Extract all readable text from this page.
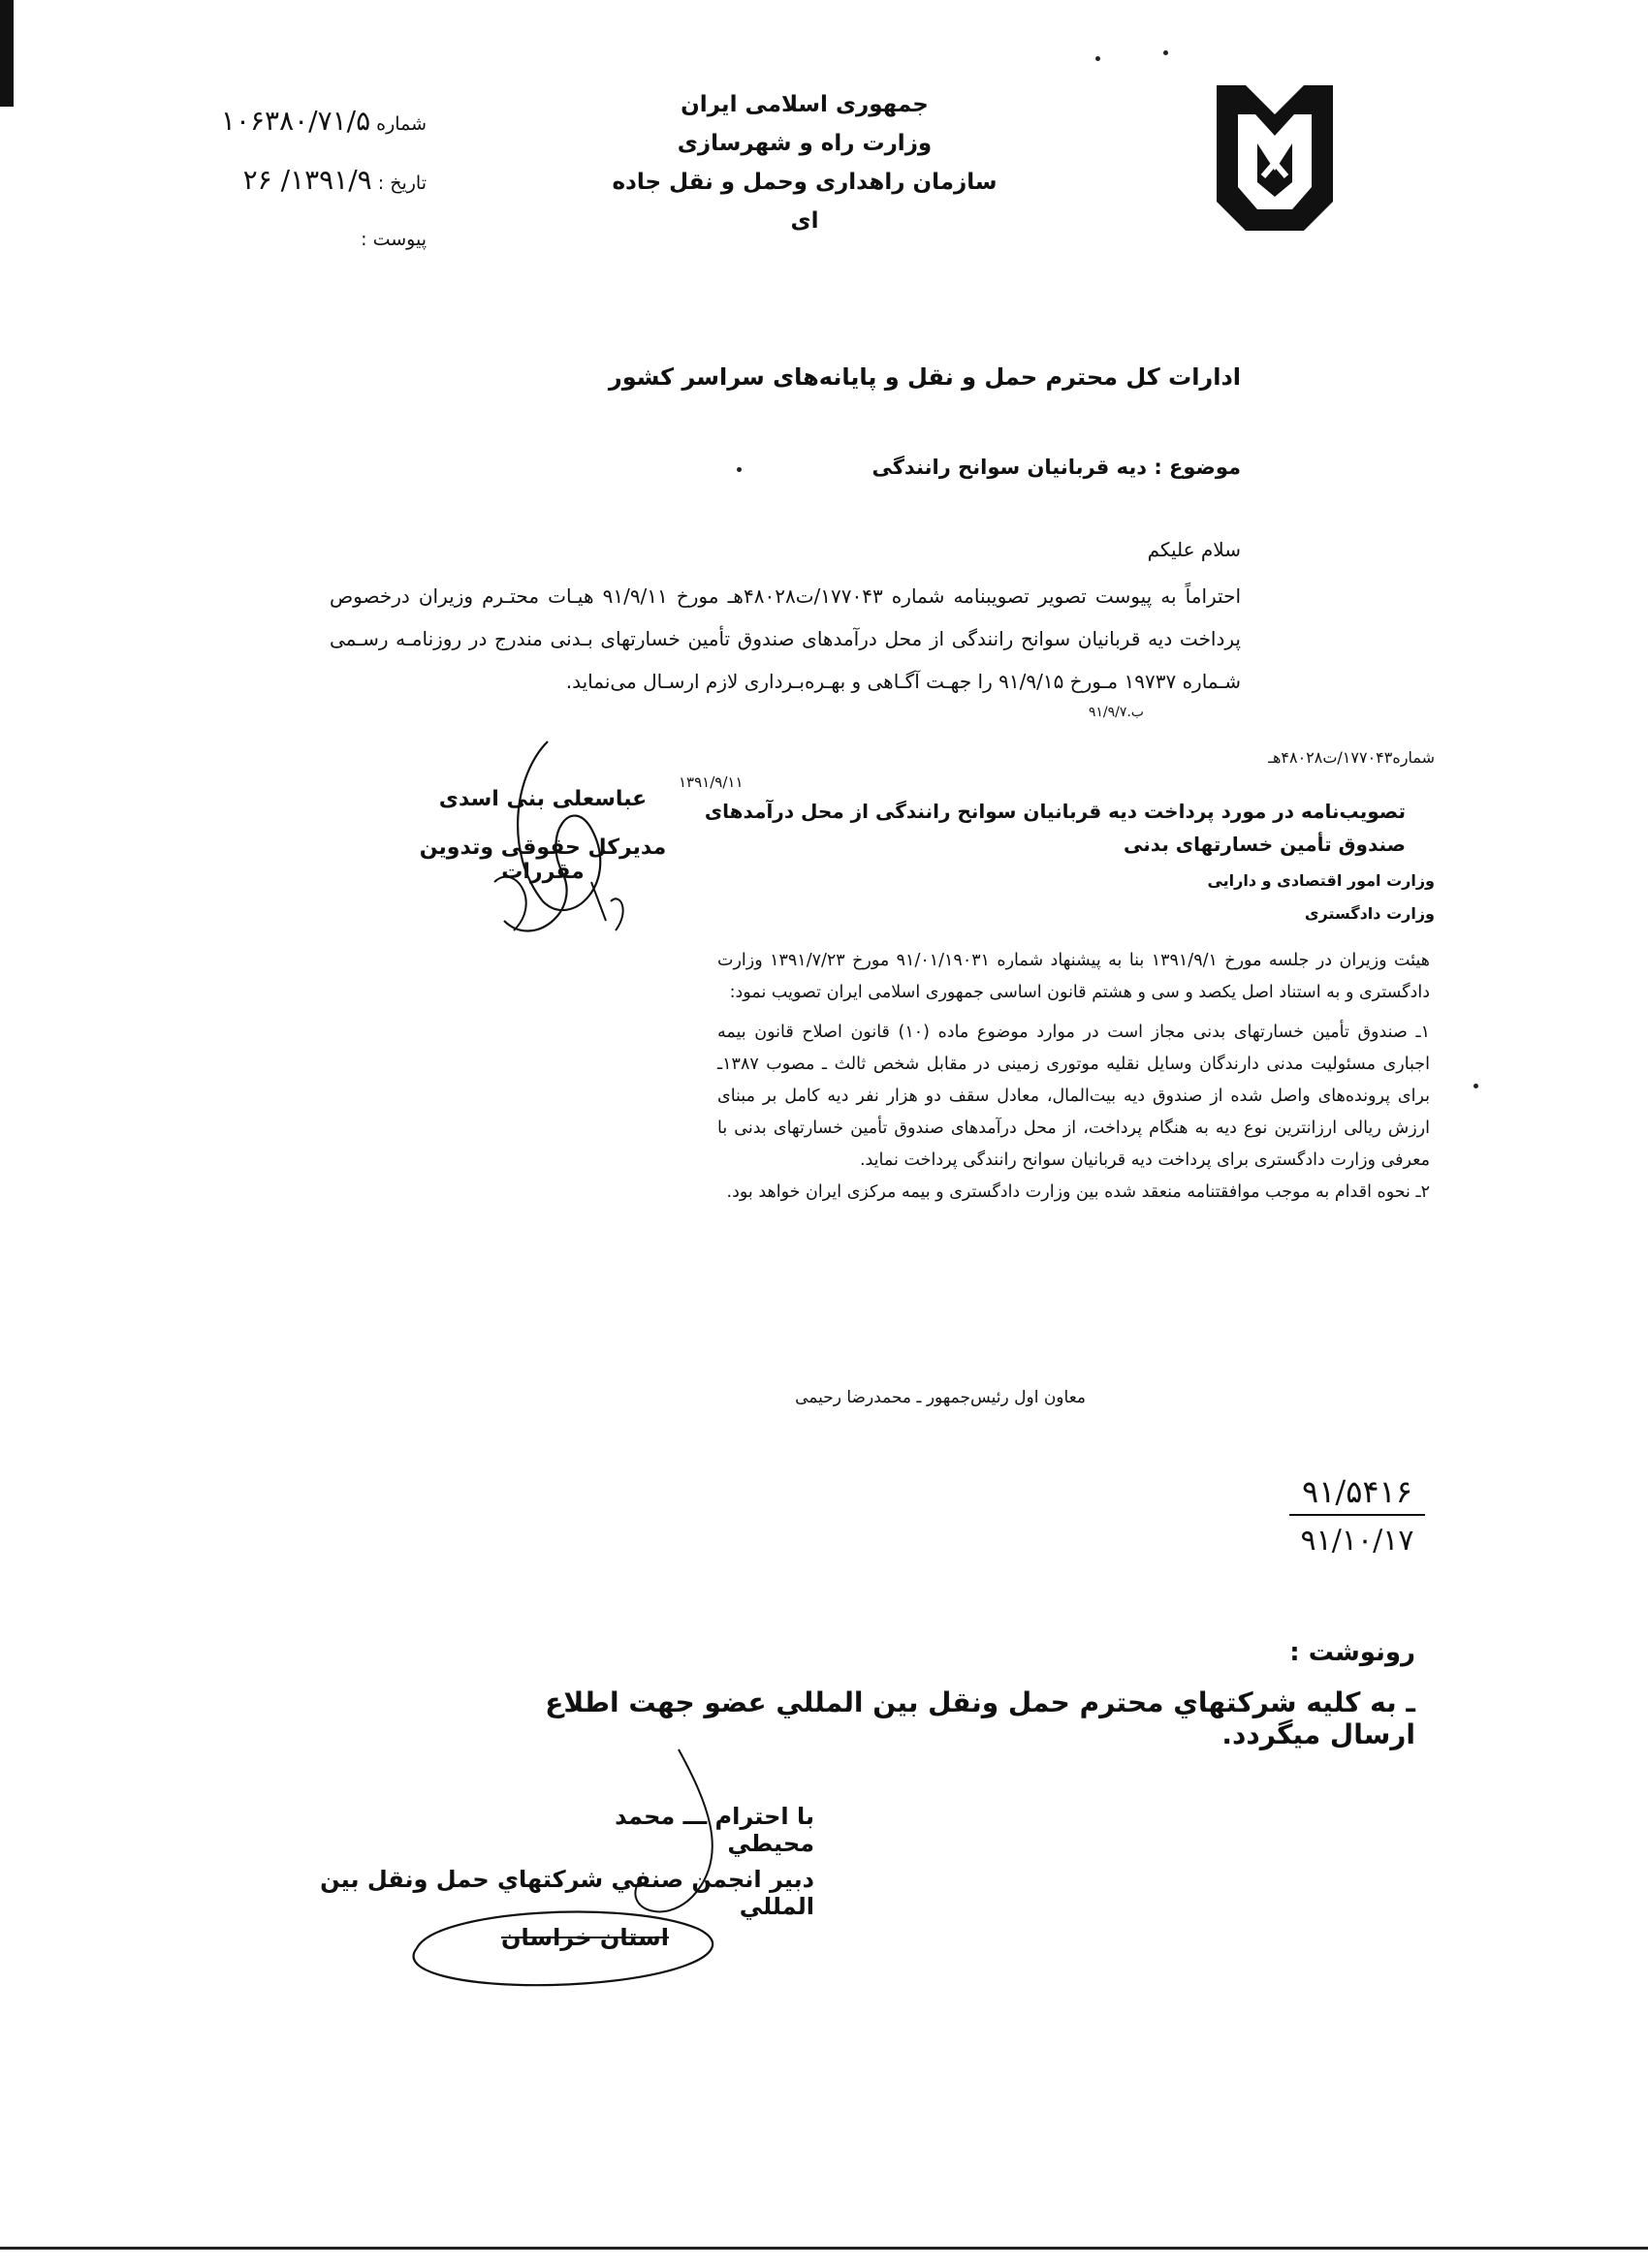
جمهوری اسلامی ایران
وزارت راه و شهرسازی
سازمان راهداری وحمل و نقل جاده ای
شماره ۱۰۶۳۸۰/۷۱/۵
تاریخ : ۱۳۹۱/۹/ ۲۶
پیوست :
ادارات کل محترم حمل و نقل و پایانه‌های سراسر کشور
موضوع : دیه قربانیان سوانح رانندگی
سلام علیکم
احتراماً به پیوست تصویر تصویبنامه شماره ۱۷۷۰۴۳/ت۴۸۰۲۸هـ مورخ ۹۱/۹/۱۱ هیـات محتـرم وزیران درخصوص پرداخت دیه قربانیان سوانح رانندگی از محل درآمدهای صندوق تأمین خسارتهای بـدنی مندرج در روزنامـه رسـمی شـماره ۱۹۷۳۷ مـورخ ۹۱/۹/۱۵ را جهـت آگـاهی و بهـره‌بـرداری لازم ارسـال می‌نماید.
ب.۹۱/۹/۷
شماره۱۷۷۰۴۳/ت۴۸۰۲۸هـ
۱۳۹۱/۹/۱۱
تصویب‌نامه در مورد پرداخت دیه قربانیان سوانح رانندگی از محل درآمدهای صندوق تأمین خسارتهای بدنی
وزارت امور اقتصادی و دارایی
وزارت دادگستری
هیئت وزیران در جلسه مورخ ۱۳۹۱/۹/۱ بنا به پیشنهاد شماره ۹۱/۰۱/۱۹۰۳۱ مورخ ۱۳۹۱/۷/۲۳ وزارت دادگستری و به استناد اصل یکصد و سی و هشتم قانون اساسی جمهوری اسلامی ایران تصویب نمود:
۱ـ صندوق تأمین خسارتهای بدنی مجاز است در موارد موضوع ماده (۱۰) قانون اصلاح قانون بیمه اجباری مسئولیت مدنی دارندگان وسایل نقلیه موتوری زمینی در مقابل شخص ثالث ـ مصوب ۱۳۸۷ـ برای پرونده‌های واصل شده از صندوق دیه بیت‌المال، معادل سقف دو هزار نفر دیه کامل بر مبنای ارزش ریالی ارزانترین نوع دیه به هنگام پرداخت، از محل درآمدهای صندوق تأمین خسارتهای بدنی با معرفی وزارت دادگستری برای پرداخت دیه قربانیان سوانح رانندگی پرداخت نماید.
۲ـ نحوه اقدام به موجب موافقتنامه منعقد شده بین وزارت دادگستری و بیمه مرکزی ایران خواهد بود.
معاون اول رئیس‌جمهور ـ محمدرضا رحیمی
عباسعلی بنی اسدی
مدیرکل حقوقی وتدوین مقررات
۹۱/۵۴۱۶
۹۱/۱۰/۱۷
رونوشت :
ـ به كليه شركتهاي محترم حمل ونقل بين المللي عضو جهت اطلاع ارسال ميگردد.
با احترام ـــ محمد محيطي
دبير انجمن صنفي شركتهاي حمل ونقل بين المللي
استان خراسان
